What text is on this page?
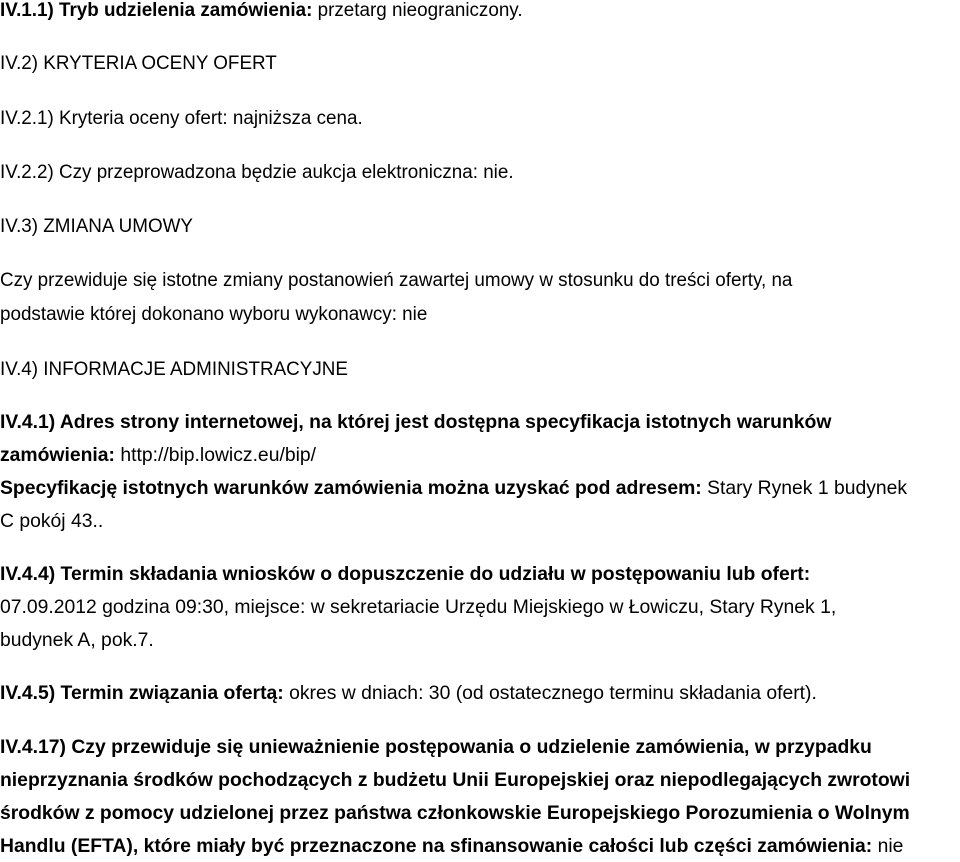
IV.1.1) Tryb udzielenia zamówienia: przetarg nieograniczony.
IV.2) KRYTERIA OCENY OFERT
IV.2.1) Kryteria oceny ofert: najniższa cena.
IV.2.2) Czy przeprowadzona będzie aukcja elektroniczna: nie.
IV.3) ZMIANA UMOWY
Czy przewiduje się istotne zmiany postanowień zawartej umowy w stosunku do treści oferty, na
podstawie której dokonano wyboru wykonawcy: nie
IV.4) INFORMACJE ADMINISTRACYJNE
IV.4.1) Adres strony internetowej, na której jest dostępna specyfikacja istotnych warunków
zamówienia: http://bip.lowicz.eu/bip/
Specyfikację istotnych warunków zamówienia można uzyskać pod adresem: Stary Rynek 1 budynek
C pokój 43..
IV.4.4) Termin składania wniosków o dopuszczenie do udziału w postępowaniu lub ofert:
07.09.2012 godzina 09:30, miejsce: w sekretariacie Urzędu Miejskiego w Łowiczu, Stary Rynek 1,
budynek A, pok.7.
IV.4.5) Termin związania ofertą: okres w dniach: 30 (od ostatecznego terminu składania ofert).
IV.4.17) Czy przewiduje się unieważnienie postępowania o udzielenie zamówienia, w przypadku
nieprzyznania środków pochodzących z budżetu Unii Europejskiej oraz niepodlegających zwrotowi
środków z pomocy udzielonej przez państwa członkowskie Europejskiego Porozumienia o Wolnym
Handlu (EFTA), które miały być przeznaczone na sfinansowanie całości lub części zamówienia: nie
